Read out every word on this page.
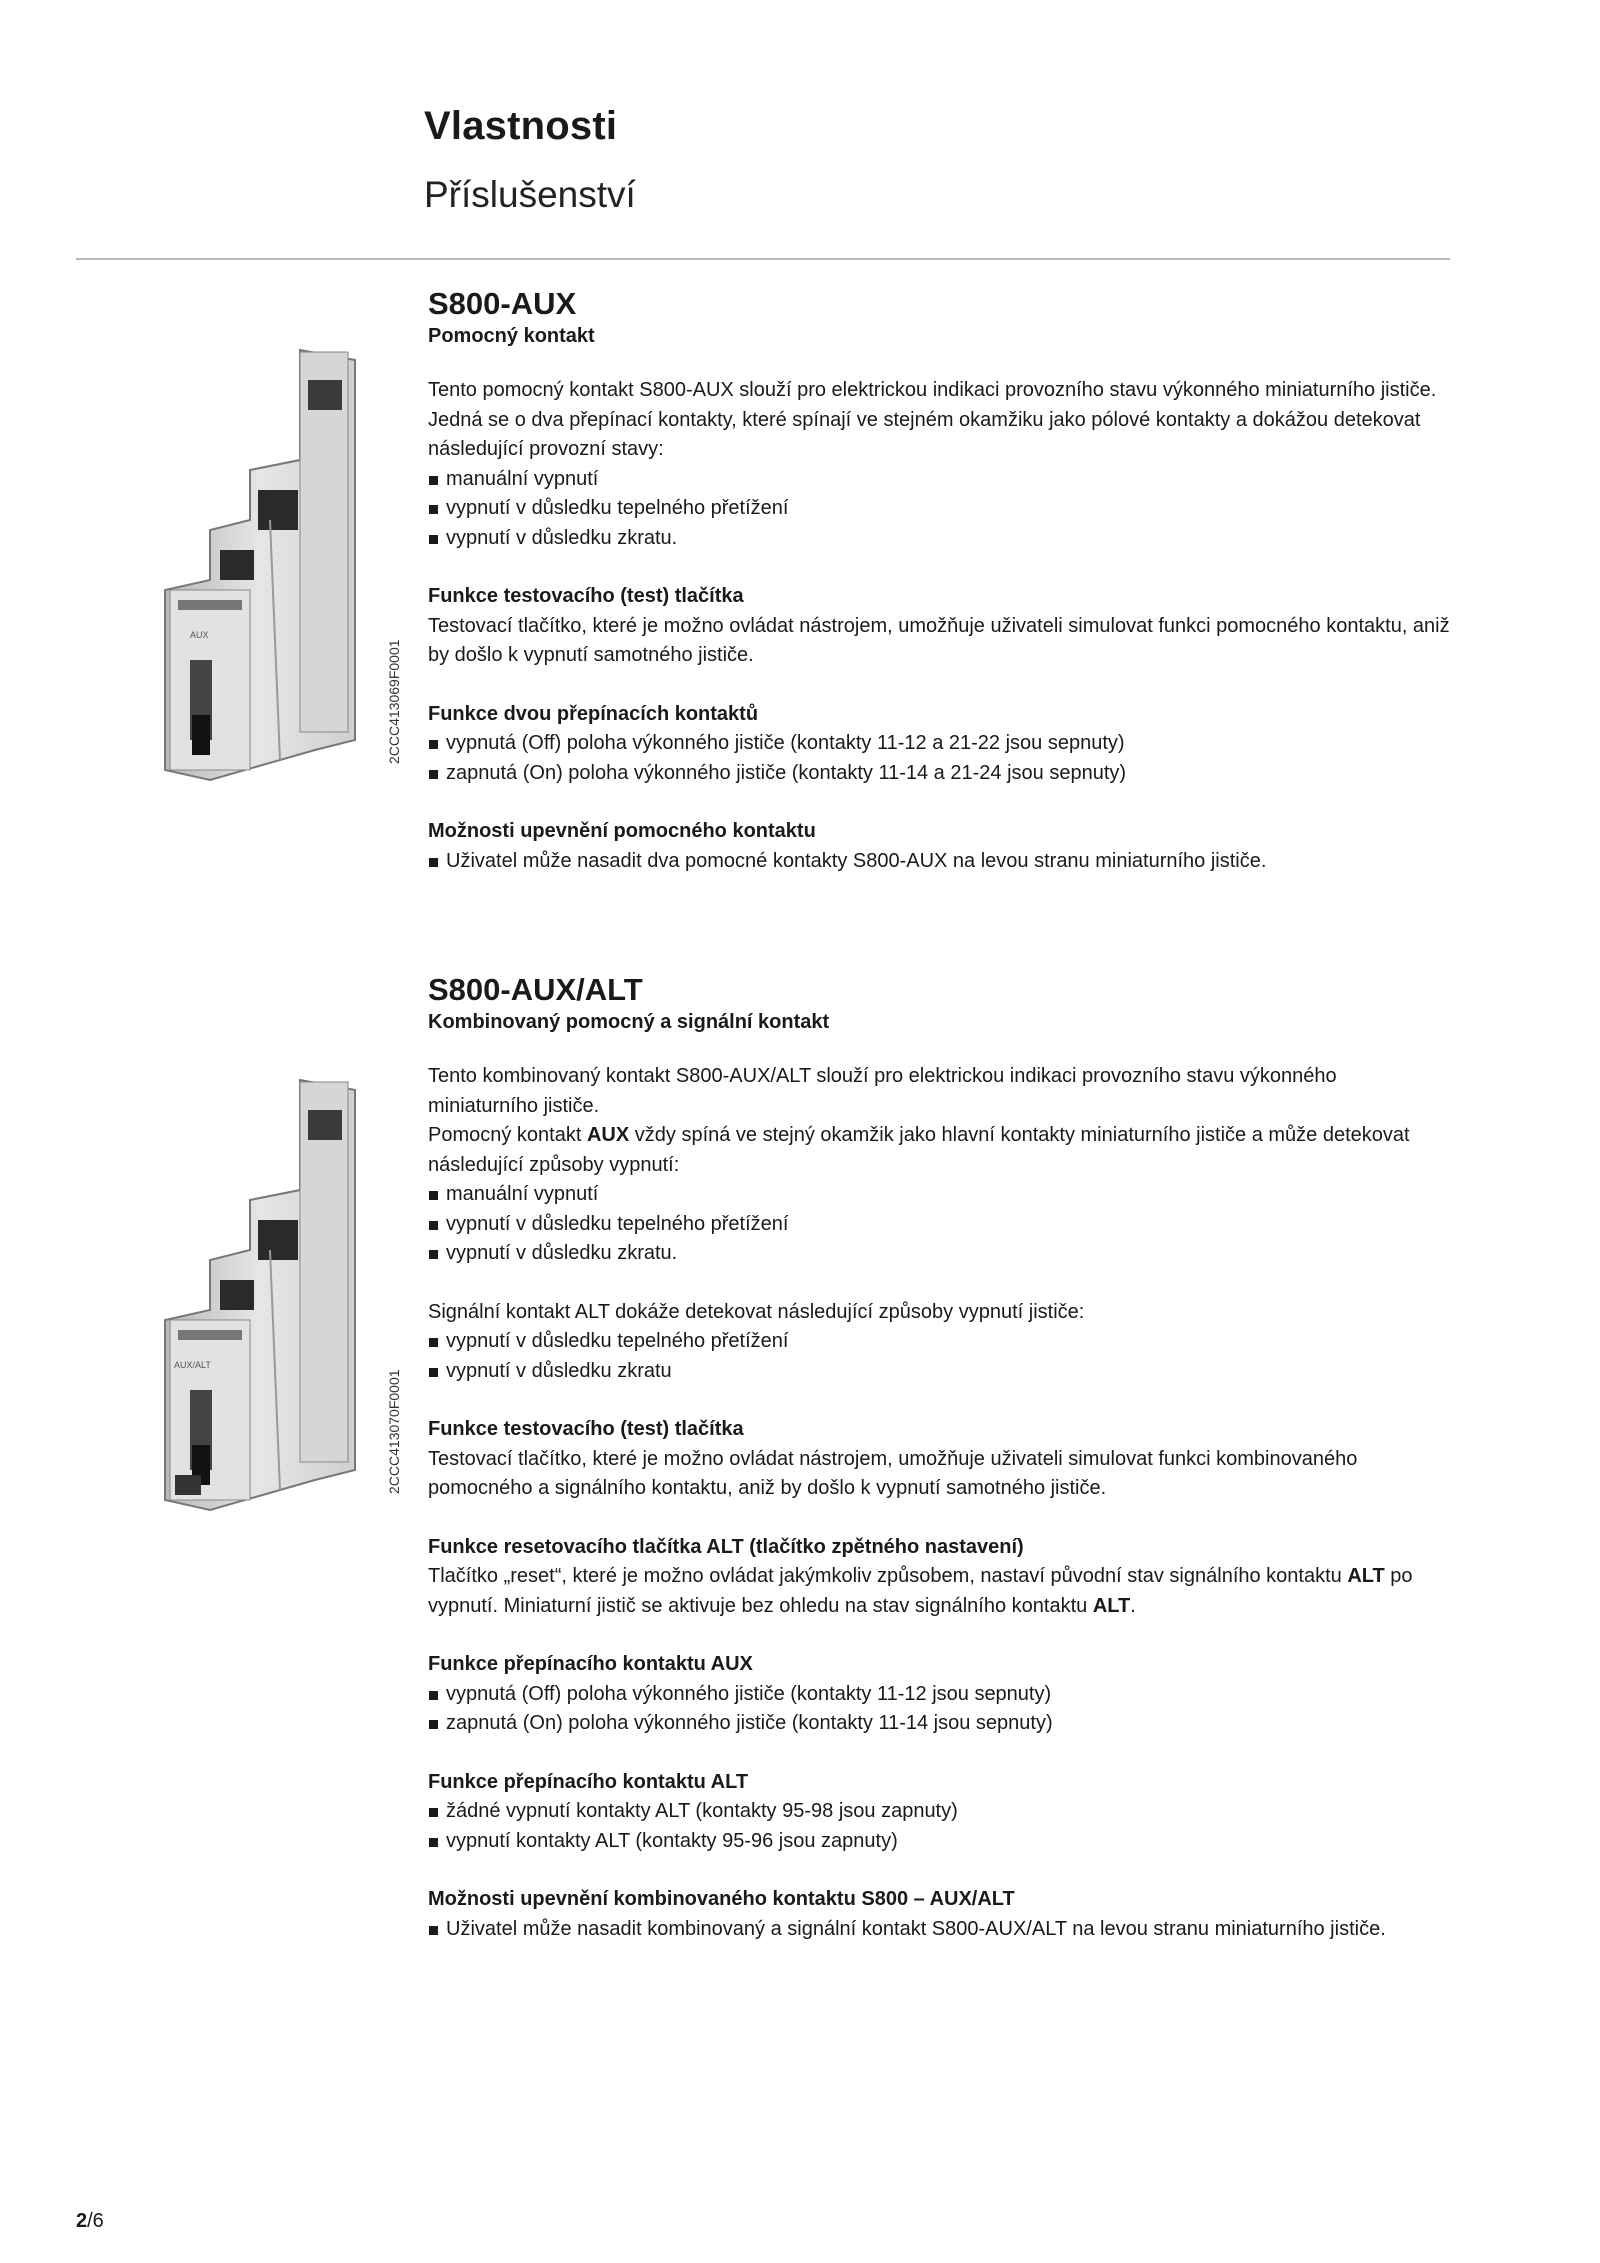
Vlastnosti
Příslušenství
AUX
2CCC413069F0001
S800-AUX
Pomocný kontakt

Tento pomocný kontakt S800-AUX slouží pro elektrickou indikaci provozního stavu výkonného miniaturního jističe. Jedná se o dva přepínací kontakty, které spínají ve stejném okamžiku jako pólové kontakty a dokážou detekovat následující provozní stavy:

manuální vypnutí
vypnutí v důsledku tepelného přetížení
vypnutí v důsledku zkratu.

Funkce testovacího (test) tlačítka

Testovací tlačítko, které je možno ovládat nástrojem, umožňuje uživateli simulovat funkci pomocného kontaktu, aniž by došlo k vypnutí samotného jističe.

Funkce dvou přepínacích kontaktů

vypnutá (Off) poloha výkonného jističe (kontakty 11-12 a 21-22 jsou sepnuty)
zapnutá (On) poloha výkonného jističe (kontakty 11-14 a 21-24 jsou sepnuty)

Možnosti upevnění pomocného kontaktu

Uživatel může nasadit dva pomocné kontakty S800-AUX na levou stranu miniaturního jističe.
AUX/ALT
2CCC413070F0001
S800-AUX/ALT
Kombinovaný pomocný a signální kontakt

Tento kombinovaný kontakt S800-AUX/ALT slouží pro elektrickou indikaci provozního stavu výkonného miniaturního jističe.

Pomocný kontakt AUX vždy spíná ve stejný okamžik jako hlavní kontakty miniaturního jističe a může detekovat následující způsoby vypnutí:

manuální vypnutí
vypnutí v důsledku tepelného přetížení
vypnutí v důsledku zkratu.

Signální kontakt ALT dokáže detekovat následující způsoby vypnutí jističe:

vypnutí v důsledku tepelného přetížení
vypnutí v důsledku zkratu

Funkce testovacího (test) tlačítka

Testovací tlačítko, které je možno ovládat nástrojem, umožňuje uživateli simulovat funkci kombinovaného pomocného a signálního kontaktu, aniž by došlo k vypnutí samotného jističe.

Funkce resetovacího tlačítka ALT (tlačítko zpětného nastavení)

Tlačítko „reset“, které je možno ovládat jakýmkoliv způsobem, nastaví původní stav signálního kontaktu ALT po vypnutí. Miniaturní jistič se aktivuje bez ohledu na stav signálního kontaktu ALT.

Funkce přepínacího kontaktu AUX

vypnutá (Off) poloha výkonného jističe (kontakty 11-12 jsou sepnuty)
zapnutá (On) poloha výkonného jističe (kontakty 11-14 jsou sepnuty)

Funkce přepínacího kontaktu ALT

žádné vypnutí kontakty ALT (kontakty 95-98 jsou zapnuty)
vypnutí kontakty ALT (kontakty 95-96 jsou zapnuty)

Možnosti upevnění kombinovaného kontaktu S800 – AUX/ALT

Uživatel může nasadit kombinovaný a signální kontakt S800-AUX/ALT na levou stranu miniaturního jističe.
2/6
